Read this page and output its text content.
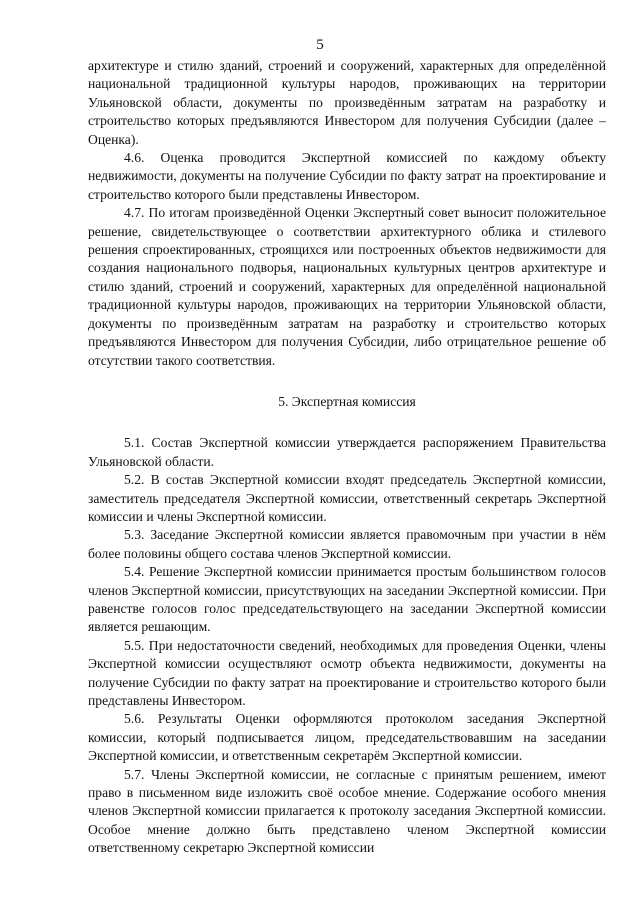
5

архитектуре и стилю зданий, строений и сооружений, характерных для определённой национальной традиционной культуры народов, проживающих на территории Ульяновской области, документы по произведённым затратам на разработку и строительство которых предъявляются Инвестором для получения Субсидии (далее – Оценка).

4.6. Оценка проводится Экспертной комиссией по каждому объекту недвижимости, документы на получение Субсидии по факту затрат на проектирование и строительство которого были представлены Инвестором.

4.7. По итогам произведённой Оценки Экспертный совет выносит положительное решение, свидетельствующее о соответствии архитектурного облика и стилевого решения спроектированных, строящихся или построенных объектов недвижимости для создания национального подворья, национальных культурных центров архитектуре и стилю зданий, строений и сооружений, характерных для определённой национальной традиционной культуры народов, проживающих на территории Ульяновской области, документы по произведённым затратам на разработку и строительство которых предъявляются Инвестором для получения Субсидии, либо отрицательное решение об отсутствии такого соответствия.

5. Экспертная комиссия

5.1. Состав Экспертной комиссии утверждается распоряжением Правительства Ульяновской области.

5.2. В состав Экспертной комиссии входят председатель Экспертной комиссии, заместитель председателя Экспертной комиссии, ответственный секретарь Экспертной комиссии и члены Экспертной комиссии.

5.3. Заседание Экспертной комиссии является правомочным при участии в нём более половины общего состава членов Экспертной комиссии.

5.4. Решение Экспертной комиссии принимается простым большинством голосов членов Экспертной комиссии, присутствующих на заседании Экспертной комиссии. При равенстве голосов голос председательствующего на заседании Экспертной комиссии является решающим.

5.5. При недостаточности сведений, необходимых для проведения Оценки, члены Экспертной комиссии осуществляют осмотр объекта недвижимости, документы на получение Субсидии по факту затрат на проектирование и строительство которого были представлены Инвестором.

5.6. Результаты Оценки оформляются протоколом заседания Экспертной комиссии, который подписывается лицом, председательствовавшим на заседании Экспертной комиссии, и ответственным секретарём Экспертной комиссии.

5.7. Члены Экспертной комиссии, не согласные с принятым решением, имеют право в письменном виде изложить своё особое мнение. Содержание особого мнения членов Экспертной комиссии прилагается к протоколу заседания Экспертной комиссии. Особое мнение должно быть представлено членом Экспертной комиссии ответственному секретарю Экспертной комиссии
